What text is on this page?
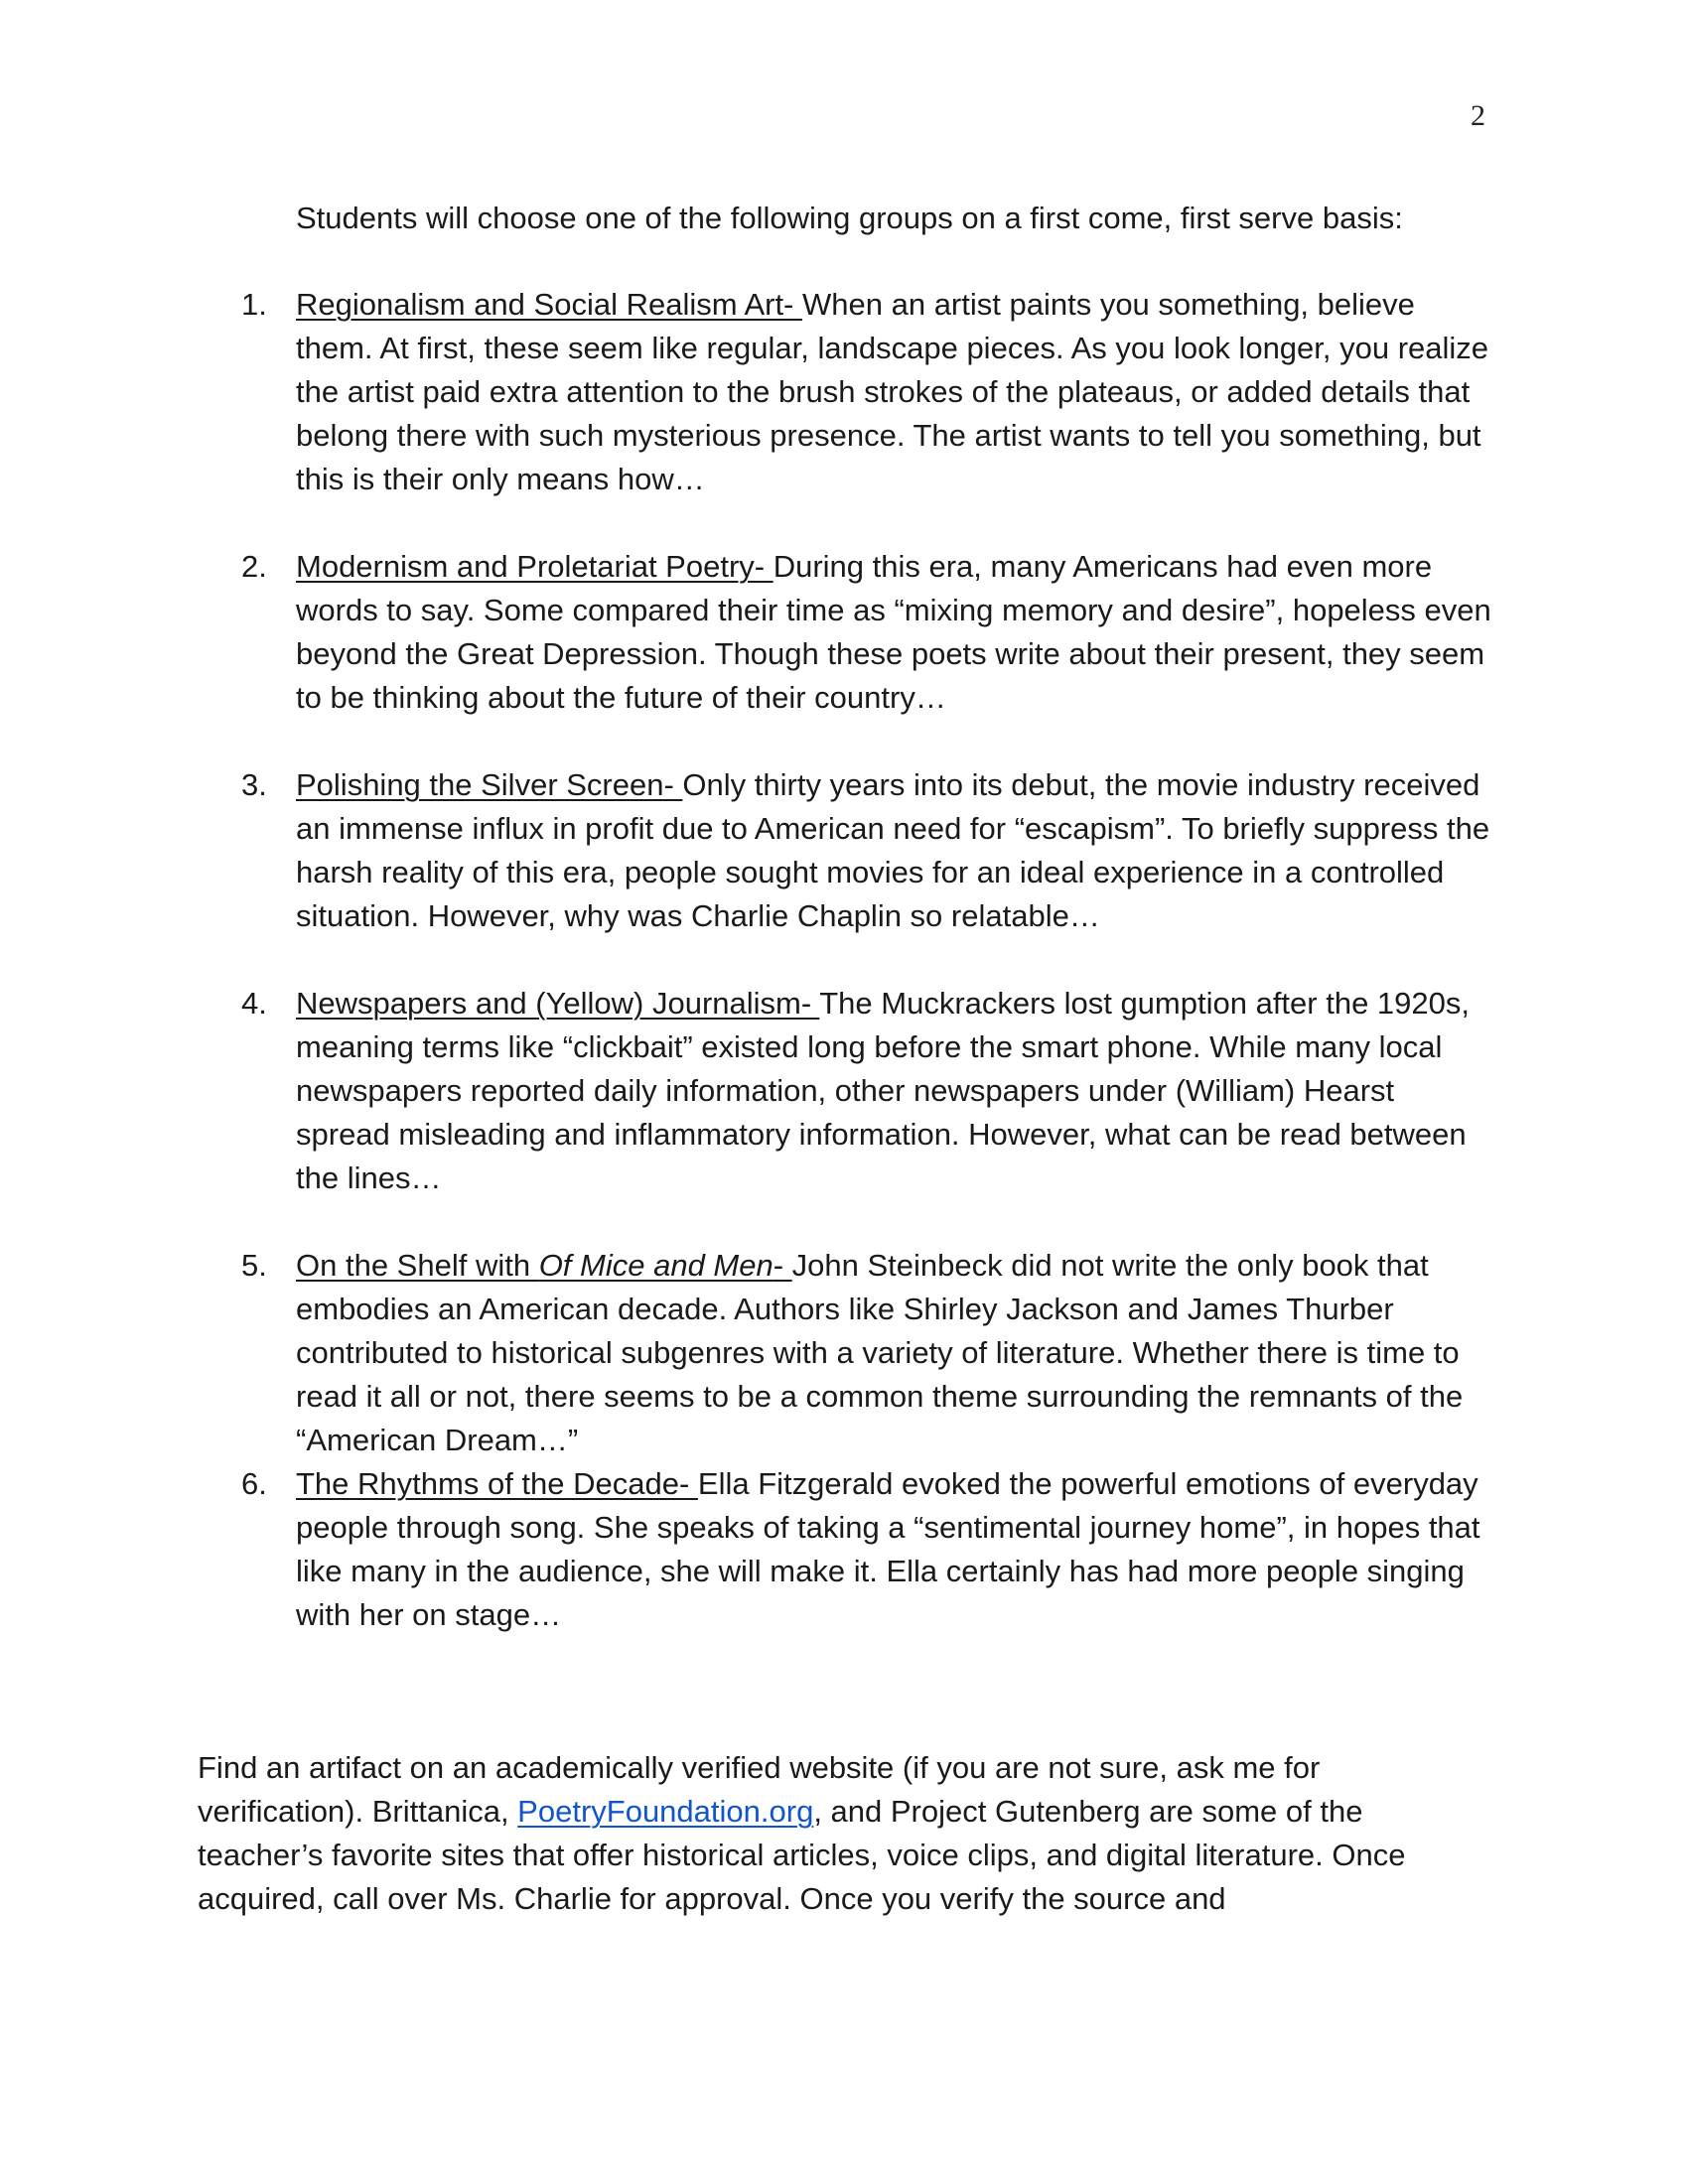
2
Students will choose one of the following groups on a first come, first serve basis:
1. Regionalism and Social Realism Art- When an artist paints you something, believe them. At first, these seem like regular, landscape pieces. As you look longer, you realize the artist paid extra attention to the brush strokes of the plateaus, or added details that belong there with such mysterious presence. The artist wants to tell you something, but this is their only means how…
2. Modernism and Proletariat Poetry- During this era, many Americans had even more words to say. Some compared their time as “mixing memory and desire”, hopeless even beyond the Great Depression. Though these poets write about their present, they seem to be thinking about the future of their country…
3. Polishing the Silver Screen- Only thirty years into its debut, the movie industry received an immense influx in profit due to American need for “escapism”. To briefly suppress the harsh reality of this era, people sought movies for an ideal experience in a controlled situation. However, why was Charlie Chaplin so relatable…
4. Newspapers and (Yellow) Journalism- The Muckrackers lost gumption after the 1920s, meaning terms like “clickbait” existed long before the smart phone. While many local newspapers reported daily information, other newspapers under (William) Hearst spread misleading and inflammatory information. However, what can be read between the lines…
5. On the Shelf with Of Mice and Men- John Steinbeck did not write the only book that embodies an American decade. Authors like Shirley Jackson and James Thurber contributed to historical subgenres with a variety of literature. Whether there is time to read it all or not, there seems to be a common theme surrounding the remnants of the “American Dream…”
6. The Rhythms of the Decade- Ella Fitzgerald evoked the powerful emotions of everyday people through song. She speaks of taking a “sentimental journey home”, in hopes that like many in the audience, she will make it. Ella certainly has had more people singing with her on stage…

Find an artifact on an academically verified website (if you are not sure, ask me for verification). Brittanica, PoetryFoundation.org, and Project Gutenberg are some of the teacher’s favorite sites that offer historical articles, voice clips, and digital literature. Once acquired, call over Ms. Charlie for approval. Once you verify the source and
